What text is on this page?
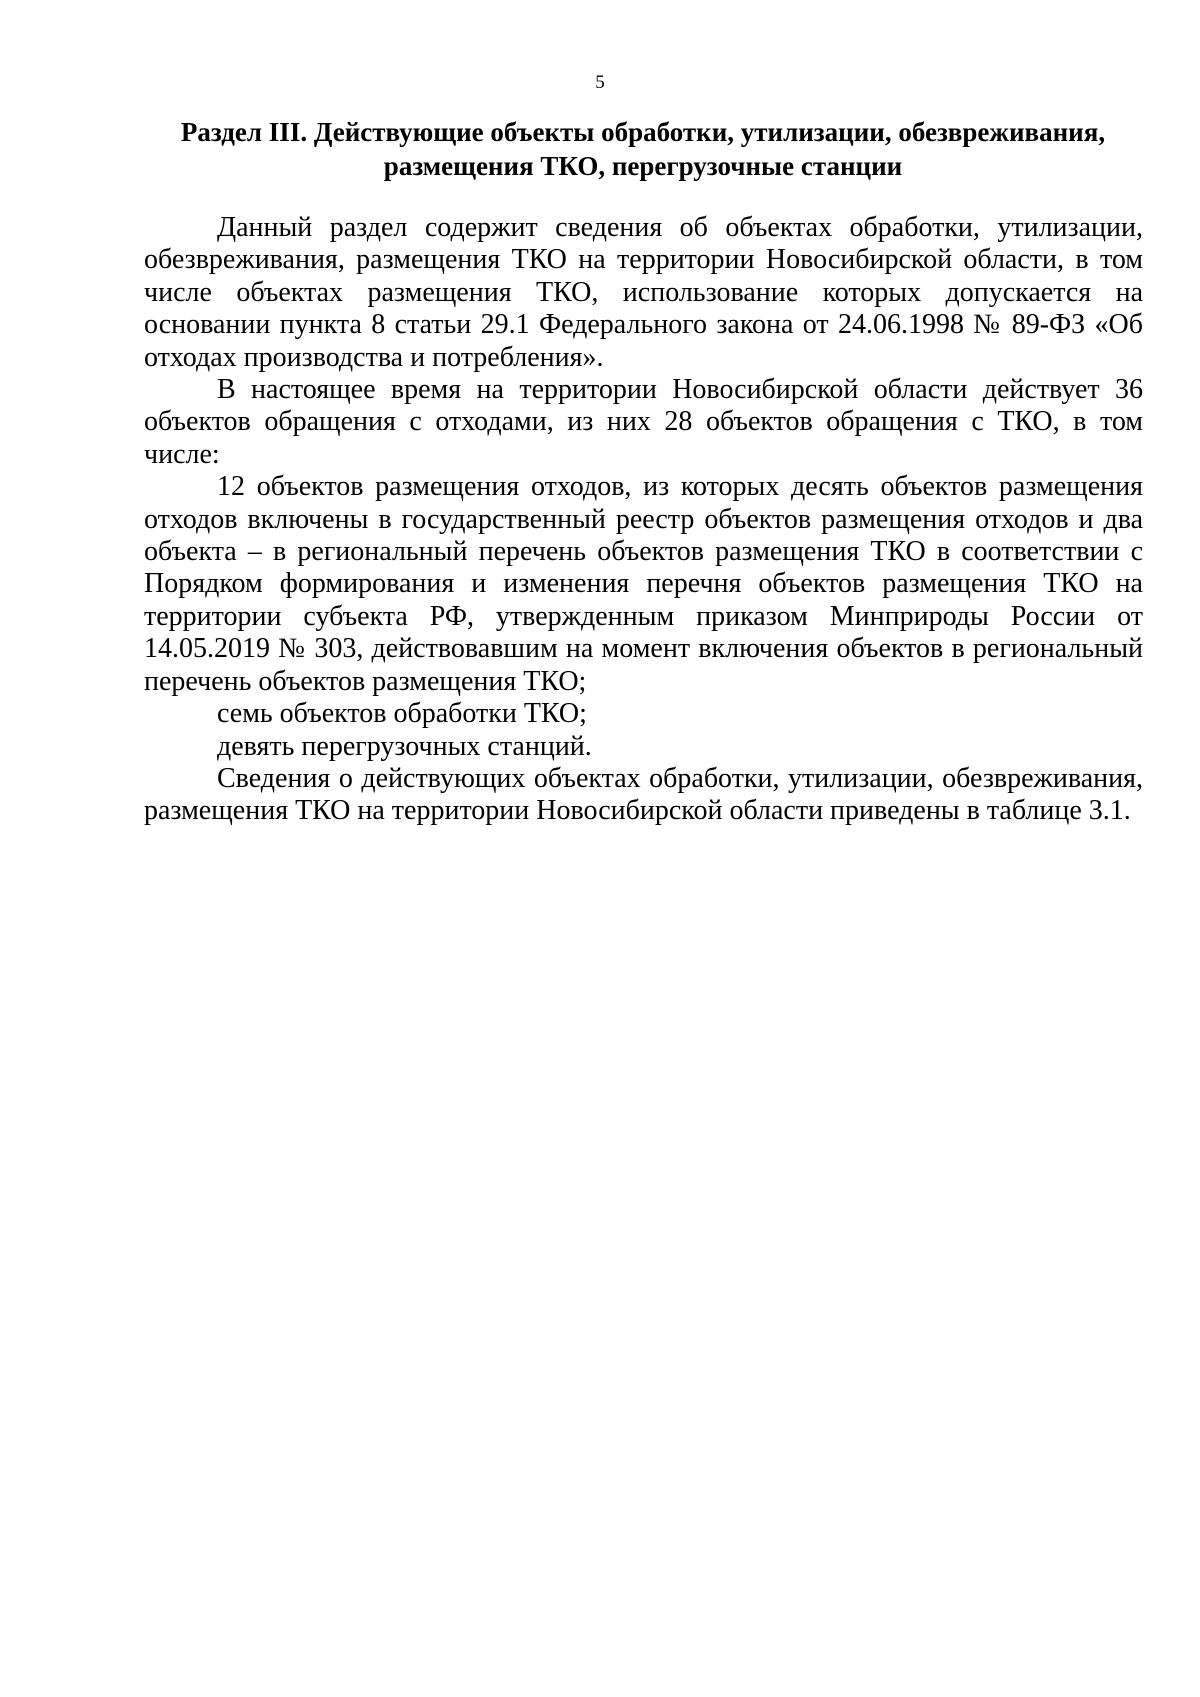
5
Раздел III. Действующие объекты обработки, утилизации, обезвреживания,
размещения ТКО, перегрузочные станции

Данный раздел содержит сведения об объектах обработки, утилизации, обезвреживания, размещения ТКО на территории Новосибирской области, в том числе объектах размещения ТКО, использование которых допускается на основании пункта 8 статьи 29.1 Федерального закона от 24.06.1998 № 89-ФЗ «Об отходах производства и потребления».

В настоящее время на территории Новосибирской области действует 36 объектов обращения с отходами, из них 28 объектов обращения с ТКО, в том числе:

12 объектов размещения отходов, из которых десять объектов размещения отходов включены в государственный реестр объектов размещения отходов и два объекта – в региональный перечень объектов размещения ТКО в соответствии с Порядком формирования и изменения перечня объектов размещения ТКО на территории субъекта РФ, утвержденным приказом Минприроды России от 14.05.2019 № 303, действовавшим на момент включения объектов в региональный перечень объектов размещения ТКО;

семь объектов обработки ТКО;

девять перегрузочных станций.

Сведения о действующих объектах обработки, утилизации, обезвреживания, размещения ТКО на территории Новосибирской области приведены в таблице 3.1.
